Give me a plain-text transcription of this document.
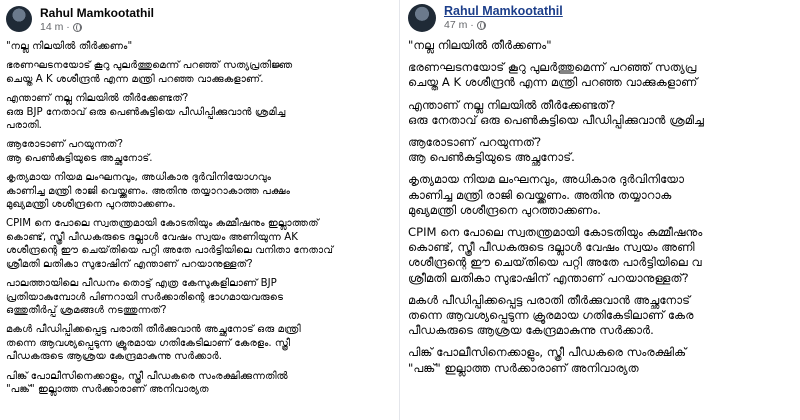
Rahul Mamkootathil
14 m ·
"നല്ല നിലയിൽ തീർക്കണം"
ഭരണഘടനയോട് കൂറു പുലർത്തുമെന്ന് പറഞ്ഞ് സത്യപ്രതിജ്ഞ
ചെയ്ത A K ശശീന്ദ്രൻ എന്ന മന്ത്രി പറഞ്ഞ വാക്കുകളാണ്.
എന്താണ് നല്ല നിലയിൽ തീർക്കേണ്ടത്?
ഒരു BJP നേതാവ് ഒരു പെൺകുട്ടിയെ പീഡിപ്പിക്കുവാൻ ശ്രമിച്ച
പരാതി.
ആരോടാണ് പറയുന്നത്?
ആ പെൺകുട്ടിയുടെ അച്ഛനോട്.
കൃത്യമായ നിയമ ലംഘനവും, അധികാര ദുർവിനിയോഗവും
കാണിച്ച മന്ത്രി രാജി വെയ്ക്കണം. അതിനു തയ്യാറാകാത്ത പക്ഷം
മുഖ്യമന്ത്രി ശശീന്ദ്രനെ പുറത്താക്കണം.
CPIM നെ പോലെ സ്വതന്ത്രമായി കോടതിയും കമ്മീഷനും ഇല്ലാത്തത്
കൊണ്ട്, സ്ത്രീ പീഡകരുടെ ദല്ലാൾ വേഷം സ്വയം അണിയുന്ന AK
ശശീന്ദ്രന്റെ ഈ ചെയ്‌തിയെ പറ്റി അതേ പാർട്ടിയിലെ വനിതാ നേതാവ്
ശ്രീമതി ലതികാ സുഭാഷിന് എന്താണ് പറയാനുള്ളത്?
പാലത്തായിലെ പീഡനം തൊട്ട് എത്ര കേസുകളിലാണ് BJP
പ്രതിയാകുമ്പോൾ പിണറായി സർക്കാരിന്റെ ഭാഗമായവരുടെ
ഒത്തുതീർപ്പ് ശ്രമങ്ങൾ നടത്തുന്നത്?
മകൾ പീഡിപ്പിക്കപ്പെട്ട പരാതി തീർക്കുവാൻ അച്ഛനോട് ഒരു മന്ത്രി
തന്നെ ആവശ്യപ്പെടുന്ന ക്രൂരമായ ഗതികേടിലാണ് കേരളം. സ്ത്രീ
പീഡകരുടെ ആശ്രയ കേന്ദ്രമാകുന്നു സർക്കാർ.
പിങ്ക് പോലീസിനെക്കാളും, സ്ത്രീ പീഡകരെ സംരക്ഷിക്കുന്നതിൽ
"പങ്ക്" ഇല്ലാത്ത സർക്കാരാണ് അനിവാര്യത
Rahul Mamkootathil
47 m ·
"നല്ല നിലയിൽ തീർക്കണം"
ഭരണഘടനയോട് കൂറു പുലർത്തുമെന്ന് പറഞ്ഞ് സത്യപ്ര
ചെയ്ത A K ശശീന്ദ്രൻ എന്ന മന്ത്രി പറഞ്ഞ വാക്കുകളാണ്
എന്താണ് നല്ല നിലയിൽ തീർക്കേണ്ടത്?
ഒരു നേതാവ് ഒരു പെൺകുട്ടിയെ പീഡിപ്പിക്കുവാൻ ശ്രമിച്ച
ആരോടാണ് പറയുന്നത്?
ആ പെൺകുട്ടിയുടെ അച്ഛനോട്.
കൃത്യമായ നിയമ ലംഘനവും, അധികാര ദുർവിനിയോ
കാണിച്ച മന്ത്രി രാജി വെയ്ക്കണം. അതിനു തയ്യാറാക
മുഖ്യമന്ത്രി ശശീന്ദ്രനെ പുറത്താക്കണം.
CPIM നെ പോലെ സ്വതന്ത്രമായി കോടതിയും കമ്മീഷനും
കൊണ്ട്, സ്ത്രീ പീഡകരുടെ ദല്ലാൾ വേഷം സ്വയം അണി
ശശീന്ദ്രന്റെ ഈ ചെയ്‌തിയെ പറ്റി അതേ പാർട്ടിയിലെ വ
ശ്രീമതി ലതികാ സുഭാഷിന് എന്താണ് പറയാനുള്ളത്?
മകൾ പീഡിപ്പിക്കപ്പെട്ട പരാതി തീർക്കുവാൻ അച്ഛനോട്
തന്നെ ആവശ്യപ്പെടുന്ന ക്രൂരമായ ഗതികേടിലാണ് കേര
പീഡകരുടെ ആശ്രയ കേന്ദ്രമാകുന്നു സർക്കാർ.
പിങ്ക് പോലീസിനെക്കാളും, സ്ത്രീ പീഡകരെ സംരക്ഷിക്
"പങ്ക്" ഇല്ലാത്ത സർക്കാരാണ് അനിവാര്യത
